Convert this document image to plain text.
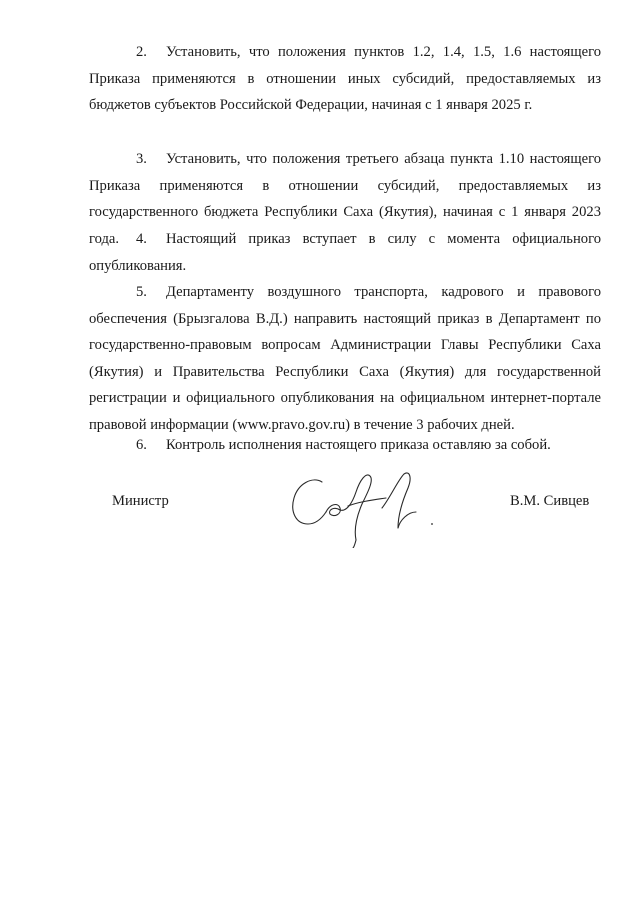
2. Установить, что положения пунктов 1.2, 1.4, 1.5, 1.6 настоящего Приказа применяются в отношении иных субсидий, предоставляемых из бюджетов субъектов Российской Федерации, начиная с 1 января 2025 г.

3. Установить, что положения третьего абзаца пункта 1.10 настоящего Приказа применяются в отношении субсидий, предоставляемых из государственного бюджета Республики Саха (Якутия), начиная с 1 января 2023 года.	4. Настоящий приказ вступает в силу с момента официального опубликования.

5. Департаменту воздушного транспорта, кадрового и правового обеспечения (Брызгалова В.Д.) направить настоящий приказ в Департамент по государственно-правовым вопросам Администрации Главы Республики Саха (Якутия) и Правительства Республики Саха (Якутия) для государственной регистрации и официального опубликования на официальном интернет-портале правовой информации (www.pravo.gov.ru) в течение 3 рабочих дней.

6. Контроль исполнения настоящего приказа оставляю за собой.

Министр	В.М. Сивцев
